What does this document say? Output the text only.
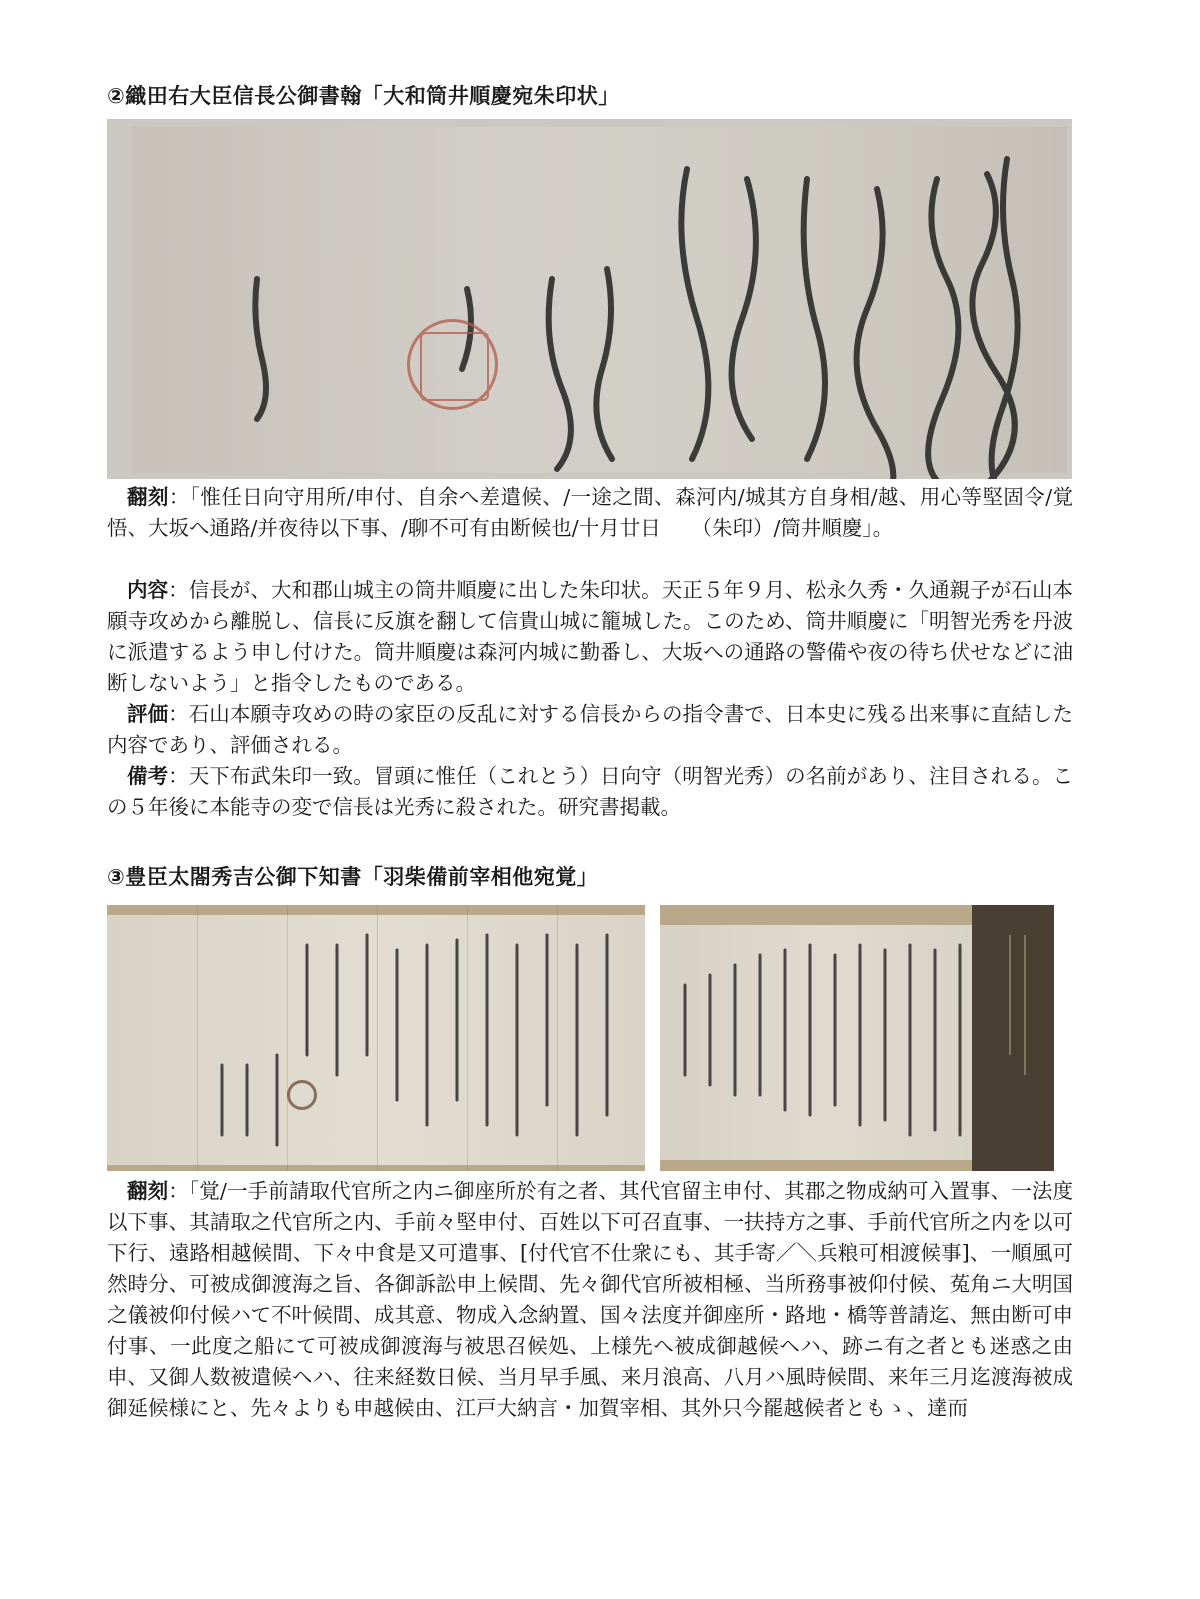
②織田右大臣信長公御書翰「大和筒井順慶宛朱印状」

翻刻：「惟任日向守用所/申付、自余へ差遣候、/一途之間、森河内/城其方自身相/越、用心等堅固令/覚悟、大坂へ通路/并夜待以下事、/聊不可有由断候也/十月廿日　　（朱印）/筒井順慶」。

内容：信長が、大和郡山城主の筒井順慶に出した朱印状。天正５年９月、松永久秀・久通親子が石山本願寺攻めから離脱し、信長に反旗を翻して信貴山城に籠城した。このため、筒井順慶に「明智光秀を丹波に派遣するよう申し付けた。筒井順慶は森河内城に勤番し、大坂への通路の警備や夜の待ち伏せなどに油断しないよう」と指令したものである。

評価：石山本願寺攻めの時の家臣の反乱に対する信長からの指令書で、日本史に残る出来事に直結した内容であり、評価される。

備考：天下布武朱印一致。冒頭に惟任（これとう）日向守（明智光秀）の名前があり、注目される。この５年後に本能寺の変で信長は光秀に殺された。研究書掲載。

③豊臣太閤秀吉公御下知書「羽柴備前宰相他宛覚」

翻刻：「覚/一手前請取代官所之内ニ御座所於有之者、其代官留主申付、其郡之物成納可入置事、一法度以下事、其請取之代官所之内、手前々堅申付、百姓以下可召直事、一扶持方之事、手前代官所之内を以可下行、遠路相越候間、下々中食是又可遣事、[付代官不仕衆にも、其手寄／＼兵粮可相渡候事]、一順風可然時分、可被成御渡海之旨、各御訴訟申上候間、先々御代官所被相極、当所務事被仰付候、菟角ニ大明国之儀被仰付候ハて不叶候間、成其意、物成入念納置、国々法度并御座所・路地・橋等普請迄、無由断可申付事、一此度之船にて可被成御渡海与被思召候処、上様先へ被成御越候ヘハ、跡ニ有之者とも迷惑之由申、又御人数被遣候ヘハ、往来経数日候、当月早手風、来月浪高、八月ハ風時候間、来年三月迄渡海被成御延候様にと、先々よりも申越候由、江戸大納言・加賀宰相、其外只今罷越候者ともゝ、達而
